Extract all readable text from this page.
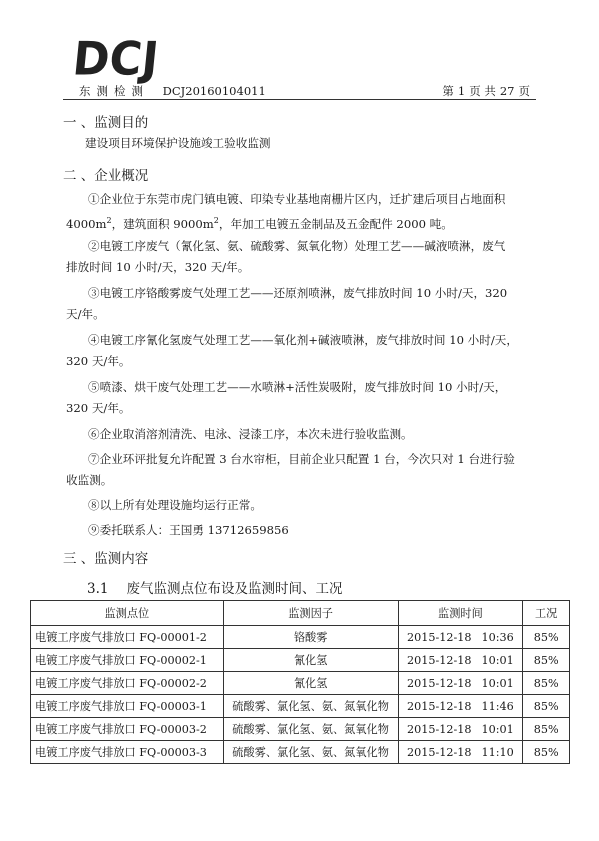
DCJ
东测检测 DCJ20160104011	第 1 页 共 27 页
一 、监测目的
建设项目环境保护设施竣工验收监测
二 、企业概况
①企业位于东莞市虎门镇电镀、印染专业基地南栅片区内，迁扩建后项目占地面积
$4000m^2$，建筑面积 $9000m^2$，年加工电镀五金制品及五金配件 2000 吨。
②电镀工序废气（氰化氢、氨、硫酸雾、氮氧化物）处理工艺——碱液喷淋，废气
排放时间 10 小时/天，320 天/年。
③电镀工序铬酸雾废气处理工艺——还原剂喷淋，废气排放时间 10 小时/天，320
天/年。
④电镀工序氰化氢废气处理工艺——氧化剂+碱液喷淋，废气排放时间 10 小时/天，
320 天/年。
⑤喷漆、烘干废气处理工艺——水喷淋+活性炭吸附，废气排放时间 10 小时/天，
320 天/年。
⑥企业取消溶剂清洗、电泳、浸漆工序，本次未进行验收监测。
⑦企业环评批复允许配置 3 台水帘柜，目前企业只配置 1 台，今次只对 1 台进行验
收监测。
⑧以上所有处理设施均运行正常。
⑨委托联系人：王国勇 13712659856
三 、监测内容
3.1 废气监测点位布设及监测时间、工况
监测点位	监测因子	监测时间	工况
电镀工序废气排放口 FQ-00001-2	铬酸雾	2015-12-18 10:36	85%
电镀工序废气排放口 FQ-00002-1	氰化氢	2015-12-18 10:01	85%
电镀工序废气排放口 FQ-00002-2	氰化氢	2015-12-18 10:01	85%
电镀工序废气排放口 FQ-00003-1	硫酸雾、氯化氢、氨、氮氧化物	2015-12-18 11:46	85%
电镀工序废气排放口 FQ-00003-2	硫酸雾、氯化氢、氨、氮氧化物	2015-12-18 10:01	85%
电镀工序废气排放口 FQ-00003-3	硫酸雾、氯化氢、氨、氮氧化物	2015-12-18 11:10	85%
